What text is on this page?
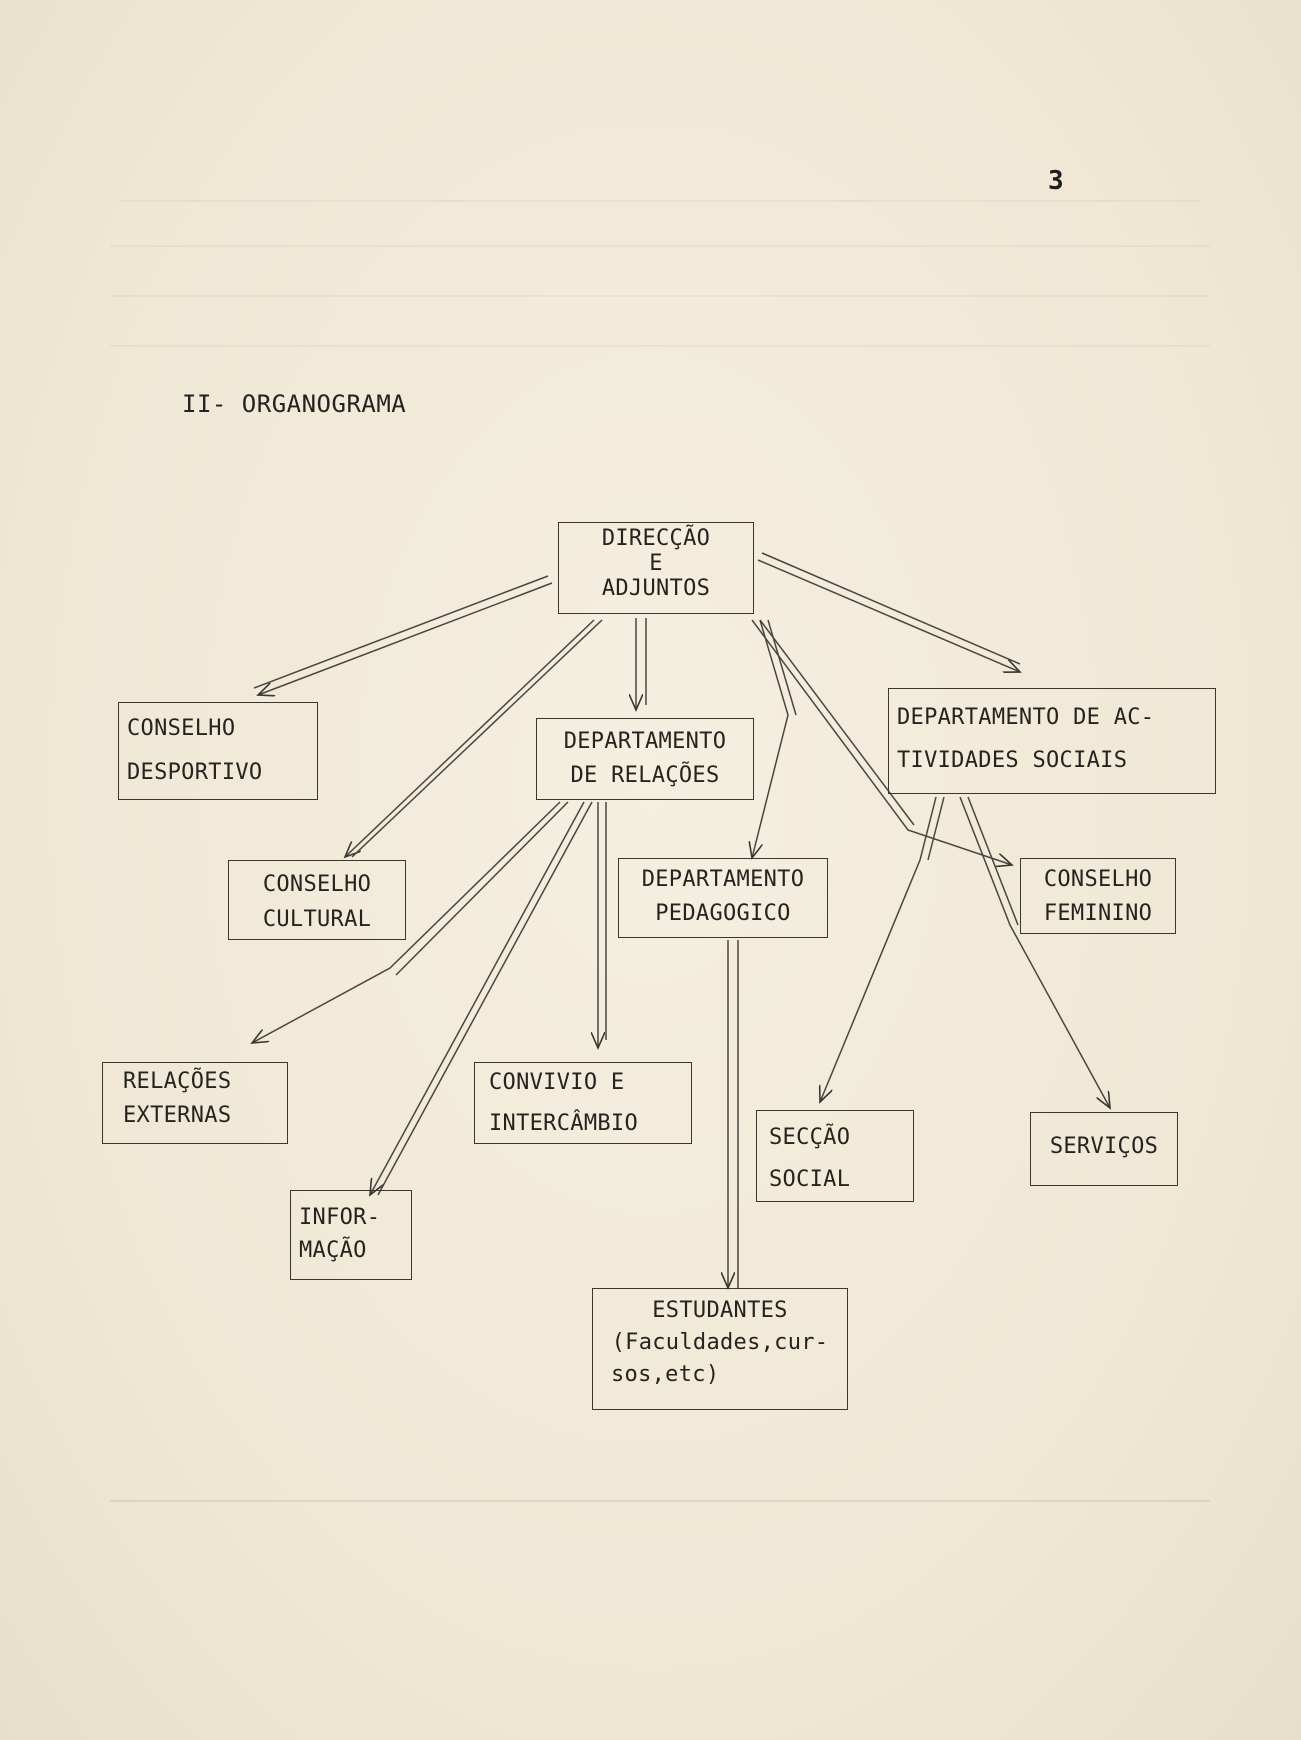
3
II- ORGANOGRAMA
DIRECÇÃO
E
ADJUNTOS
CONSELHO
DESPORTIVO
DEPARTAMENTO
DE RELAÇÕES
DEPARTAMENTO DE AC-
TIVIDADES SOCIAIS
CONSELHO
CULTURAL
DEPARTAMENTO
PEDAGOGICO
CONSELHO
FEMININO
RELAÇÕES
EXTERNAS
CONVIVIO E
INTERCÂMBIO
SECÇÃO
SOCIAL
SERVIÇOS
INFOR-
MAÇÃO
ESTUDANTES
(Faculdades,cur-
sos,etc)
